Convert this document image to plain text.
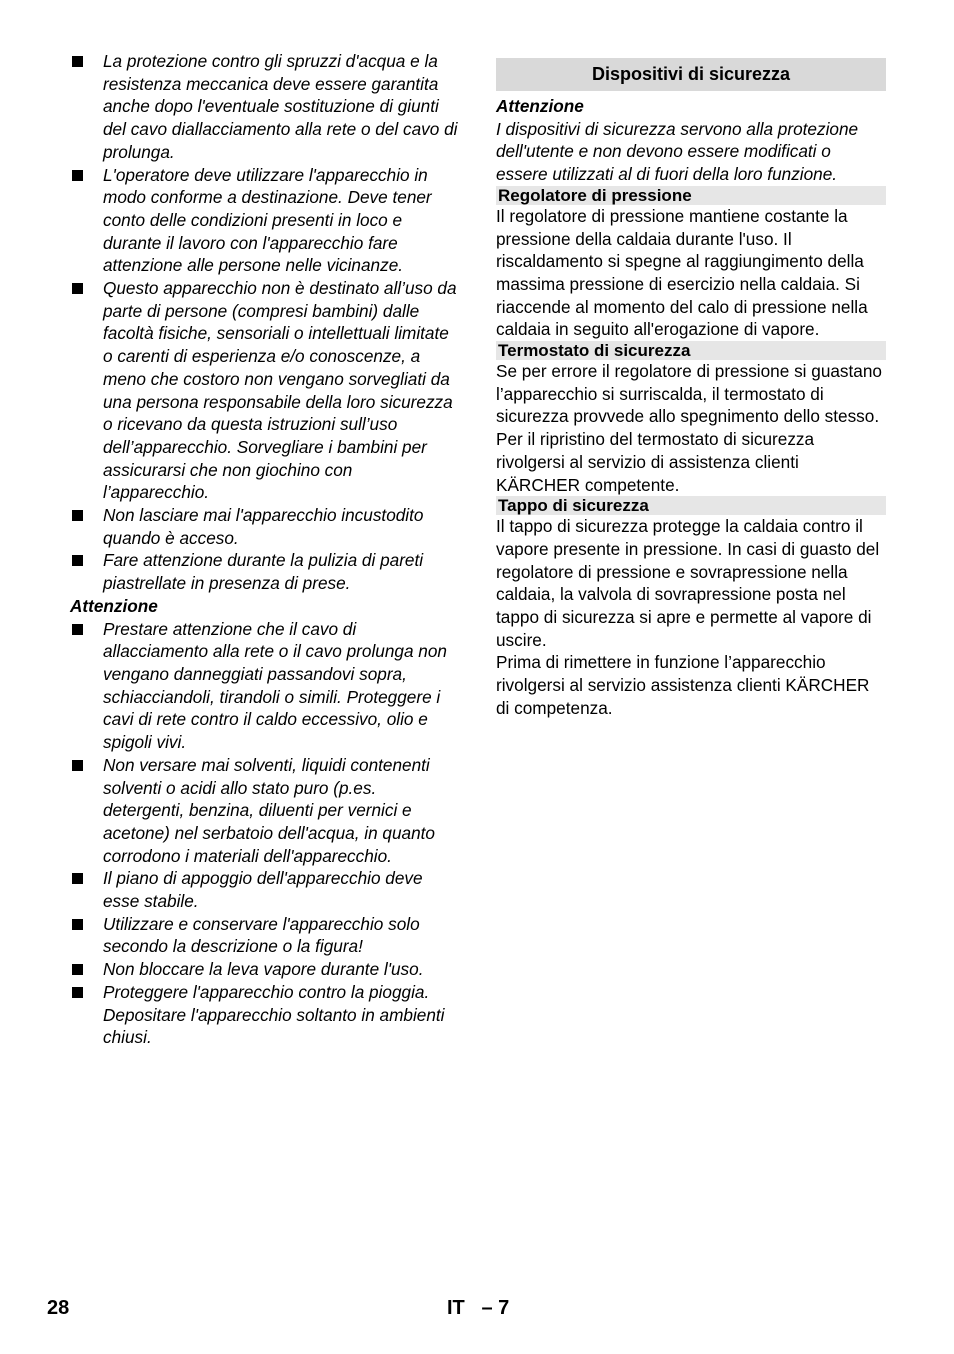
La protezione contro gli spruzzi d'acqua e la resistenza meccanica deve essere garantita anche dopo l'eventuale sostituzione di giunti del cavo diallacciamento alla rete o del cavo di prolunga.
L'operatore deve utilizzare l'apparecchio in modo conforme a destinazione. Deve tener conto delle condizioni presenti in loco e durante il lavoro con l'apparecchio fare attenzione alle persone nelle vicinanze.
Questo apparecchio non è destinato all’uso da parte di persone (compresi bambini) dalle facoltà fisiche, sensoriali o intellettuali limitate o carenti di esperienza e/o conoscenze, a meno che costoro non vengano sorvegliati da una persona responsabile della loro sicurezza o ricevano da questa istruzioni sull’uso dell’apparecchio. Sorvegliare i bambini per assicurarsi che non giochino con l’apparecchio.
Non lasciare mai l'apparecchio incustodito quando è acceso.
Fare attenzione durante la pulizia di pareti piastrellate in presenza di prese.
Attenzione
Prestare attenzione che il cavo di allacciamento alla rete o il cavo prolunga non vengano danneggiati passandovi sopra, schiacciandoli, tirandoli o simili. Proteggere i cavi di rete contro il caldo eccessivo, olio e spigoli vivi.
Non versare mai solventi, liquidi contenenti solventi o acidi allo stato puro (p.es. detergenti, benzina, diluenti per vernici e acetone) nel serbatoio dell'acqua, in quanto corrodono i materiali dell'apparecchio.
Il piano di appoggio dell'apparecchio deve esse stabile.
Utilizzare e conservare l'apparecchio solo secondo la descrizione o la figura!
Non bloccare la leva vapore durante l'uso.
Proteggere l'apparecchio contro la pioggia. Depositare l'apparecchio soltanto in ambienti chiusi.
Dispositivi di sicurezza
Attenzione

I dispositivi di sicurezza servono alla protezione dell'utente e non devono essere modificati o essere utilizzati al di fuori della loro funzione.

Regolatore di pressione

Il regolatore di pressione mantiene costante la pressione della caldaia durante l'uso. Il riscaldamento si spegne al raggiungimento della massima pressione di esercizio nella caldaia. Si riaccende al momento del calo di pressione nella caldaia in seguito all'erogazione di vapore.

Termostato di sicurezza

Se per errore il regolatore di pressione si guastano l’apparecchio si surriscalda, il termostato di sicurezza provvede allo spegnimento dello stesso. Per il ripristino del termostato di sicurezza rivolgersi al servizio di assistenza clienti KÄRCHER competente.

Tappo di sicurezza

Il tappo di sicurezza protegge la caldaia contro il vapore presente in pressione. In casi di guasto del regolatore di pressione e sovrapressione nella caldaia, la valvola di sovrapressione posta nel tappo di sicurezza si apre e permette al vapore di uscire.

Prima di rimettere in funzione l’apparecchio rivolgersi al servizio assistenza clienti KÄRCHER di competenza.

28	IT   – 7
